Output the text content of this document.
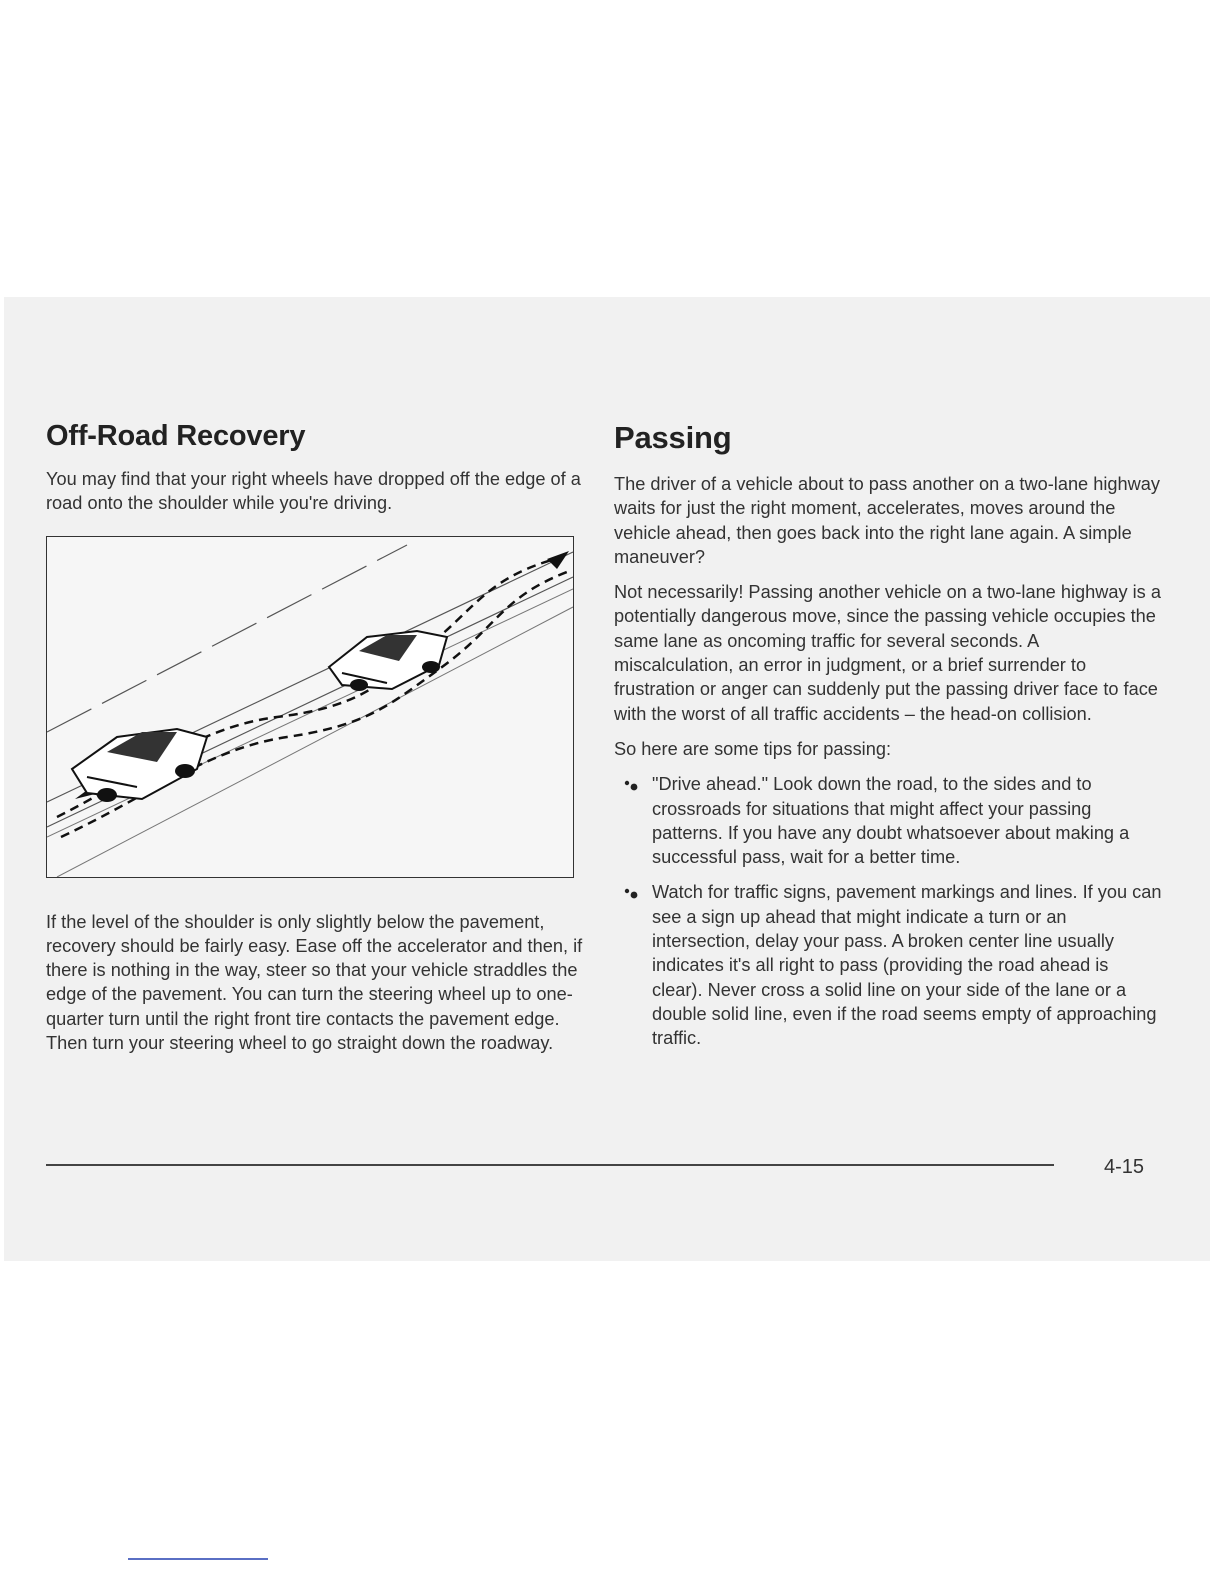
Off-Road Recovery

You may find that your right wheels have dropped off the edge of a road onto the shoulder while you're driving.

If the level of the shoulder is only slightly below the pavement, recovery should be fairly easy. Ease off the accelerator and then, if there is nothing in the way, steer so that your vehicle straddles the edge of the pavement. You can turn the steering wheel up to one-quarter turn until the right front tire contacts the pavement edge. Then turn your steering wheel to go straight down the roadway.

Passing

The driver of a vehicle about to pass another on a two-lane highway waits for just the right moment, accelerates, moves around the vehicle ahead, then goes back into the right lane again. A simple maneuver?

Not necessarily! Passing another vehicle on a two-lane highway is a potentially dangerous move, since the passing vehicle occupies the same lane as oncoming traffic for several seconds. A miscalculation, an error in judgment, or a brief surrender to frustration or anger can suddenly put the passing driver face to face with the worst of all traffic accidents – the head-on collision.

So here are some tips for passing:

"Drive ahead." Look down the road, to the sides and to crossroads for situations that might affect your passing patterns. If you have any doubt whatsoever about making a successful pass, wait for a better time.
Watch for traffic signs, pavement markings and lines. If you can see a sign up ahead that might indicate a turn or an intersection, delay your pass. A broken center line usually indicates it's all right to pass (providing the road ahead is clear). Never cross a solid line on your side of the lane or a double solid line, even if the road seems empty of approaching traffic.
4-15
